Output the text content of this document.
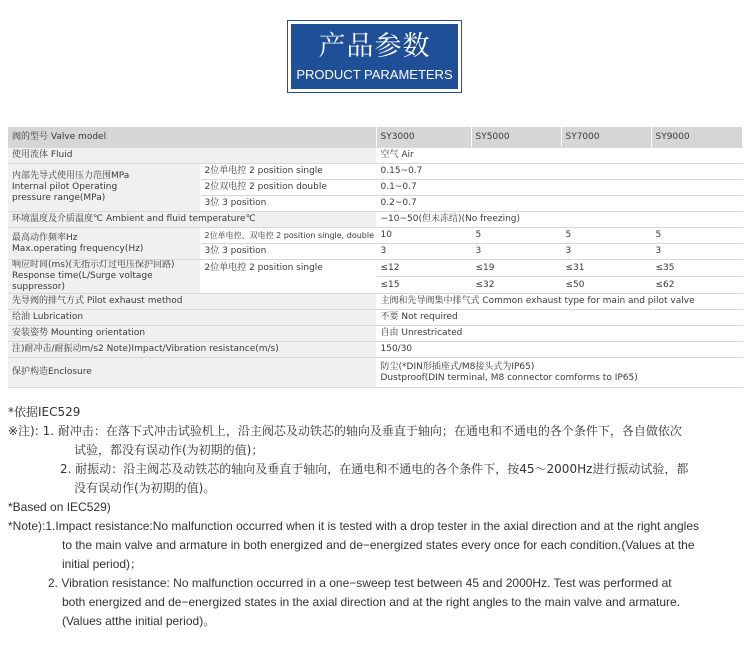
产品参数
PRODUCT PARAMETERS
阀的型号 Valve model		SY3000	SY5000	SY7000	SY9000
使用流体 Fluid		空气 Air			

内部先导式使用压力范围MPa
Internal pilot Operating
pressure range(MPa)	2位单电控 2 position single	0.15~0.7			
	2位双电控 2 position double	0.1~0.7			
	3位 3 position	0.2~0.7			
环境温度及介质温度℃ Ambient and fluid temperature℃		−10~50(但未冻结)(No freezing)			

最高动作频率Hz
Max.operating frequency(Hz)	2位单电控、双电控 2 position single, double	10	5	5	5
	3位 3 position	3	3	3	3

响应时间(ms)(无指示灯过电压保护回路)
Response time(L/Surge voltage suppressor)	2位单电控 2 position single	≤12	≤19	≤31	≤35
		≤15	≤32	≤50	≤62
先导阀的排气方式 Pilot exhaust method		主阀和先导阀集中排气式 Common exhaust type for main and pilot valve			
给油 Lubrication		不要 Not required			
安装姿势 Mounting orientation		自由 Unrestricated			
注)耐冲击/耐振动m/s2 Note)Impact/Vibration resistance(m/s)		150/30			
保护构造Enclosure		防尘(*DIN形插座式/M8接头式为IP65)
Dustproof(DIN terminal, M8 connector comforms to IP65)			
*依据IEC529
※注): 1. 耐冲击：在落下式冲击试验机上，沿主阀芯及动铁芯的轴向及垂直于轴向；在通电和不通电的各个条件下，各自做依次
试验，都没有误动作(为初期的值)；
2. 耐振动：沿主阀芯及动铁芯的轴向及垂直于轴向，在通电和不通电的各个条件下，按45～2000Hz进行振动试验，都
没有误动作(为初期的值)。
*Based on IEC529)
*Note):1.Impact resistance:No malfunction occurred when it is tested with a drop tester in the axial direction and at the right angles
to the main valve and armature in both energized and de−energized states every once for each condition.(Values at the
initial period)；
2. Vibration resistance: No malfunction occurred in a one−sweep test between 45 and 2000Hz. Test was performed at
both energized and de−energized states in the axial direction and at the right angles to the main valve and armature.
(Values atthe initial period)。
